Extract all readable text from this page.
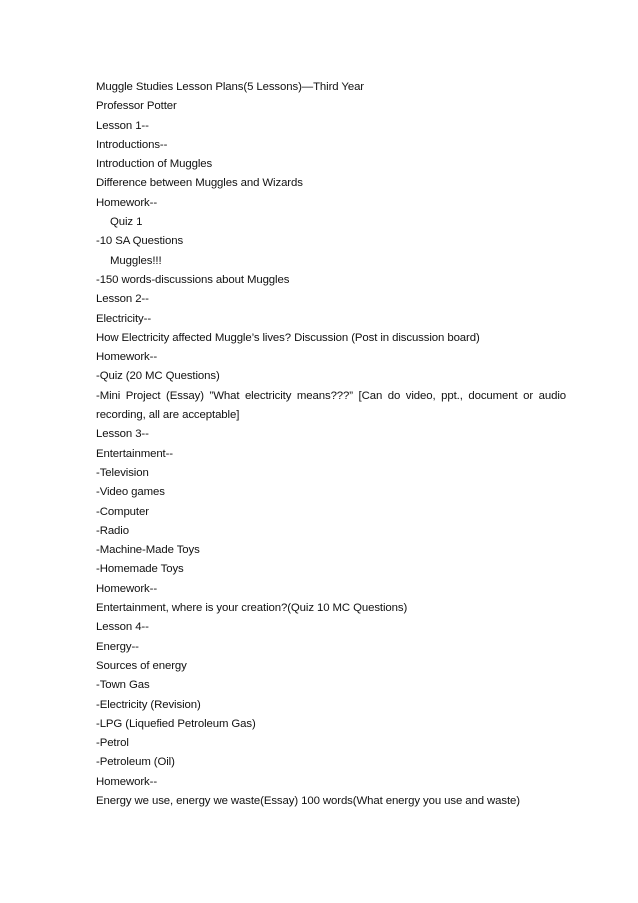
Muggle Studies Lesson Plans(5 Lessons)—Third Year
Professor Potter
Lesson 1--
Introductions--
Introduction of Muggles
Difference between Muggles and Wizards
Homework--
Quiz 1
-10 SA Questions
Muggles!!!
-150 words-discussions about Muggles
Lesson 2--
Electricity--
How Electricity affected Muggle’s lives? Discussion (Post in discussion board)
Homework--
-Quiz (20 MC Questions)
-Mini Project (Essay) ”What electricity means???” [Can do video, ppt., document or audio recording, all are acceptable]
Lesson 3--
Entertainment--
-Television
-Video games
-Computer
-Radio
-Machine-Made Toys
-Homemade Toys
Homework--
Entertainment, where is your creation?(Quiz 10 MC Questions)
Lesson 4--
Energy--
Sources of energy
-Town Gas
-Electricity (Revision)
-LPG (Liquefied Petroleum Gas)
-Petrol
-Petroleum (Oil)
Homework--
Energy we use, energy we waste(Essay) 100 words(What energy you use and waste)
